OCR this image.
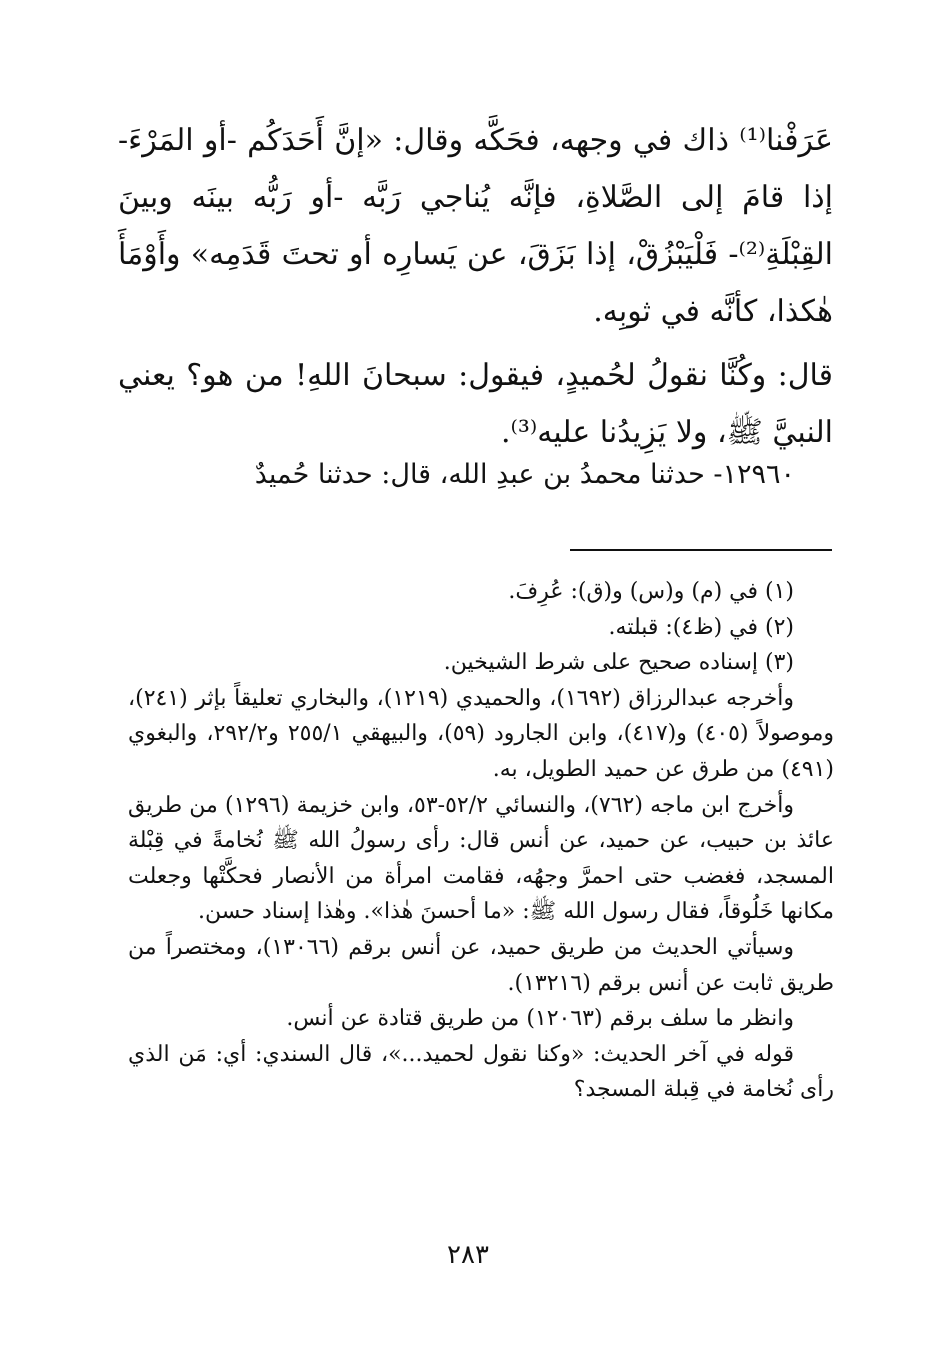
عَرَفْنا⁽¹⁾ ذاك في وجهه، فحَكَّه وقال: «إنَّ أَحَدَكُم -أو المَرْءَ- إذا قامَ إلى الصَّلاةِ، فإنَّه يُناجي رَبَّه -أو رَبُّه بينَه وبينَ القِبْلَةِ⁽²⁾- فَلْيَبْزُقْ، إذا بَزَقَ، عن يَسارِه أو تحتَ قَدَمِه» وأَوْمَأَ هٰكذا، كأنَّه في ثوبِه.

قال: وكُنَّا نقولُ لحُميدٍ، فيقول: سبحانَ اللهِ! من هو؟ يعني النبيَّ ﷺ، ولا يَزِيدُنا عليه⁽³⁾.

١٢٩٦٠- حدثنا محمدُ بن عبدِ الله، قال: حدثنا حُميدٌ

(١) في (م) و(س) و(ق): عُرِفَ.

(٢) في (ظ٤): قبلته.

(٣) إسناده صحيح على شرط الشيخين.

وأخرجه عبدالرزاق (١٦٩٢)، والحميدي (١٢١٩)، والبخاري تعليقاً بإثر (٢٤١)، وموصولاً (٤٠٥) و(٤١٧)، وابن الجارود (٥٩)، والبيهقي ٢٥٥/١ و٢٩٢/٢، والبغوي (٤٩١) من طرق عن حميد الطويل، به.

وأخرج ابن ماجه (٧٦٢)، والنسائي ٥٢/٢-٥٣، وابن خزيمة (١٢٩٦) من طريق عائذ بن حبيب، عن حميد، عن أنس قال: رأى رسولُ الله ﷺ نُخامةً في قِبْلة المسجد، فغضب حتى احمرَّ وجهُه، فقامت امرأة من الأنصار فحكَّتْها وجعلت مكانها خَلُوقاً، فقال رسول الله ﷺ: «ما أحسنَ هٰذا». وهٰذا إسناد حسن.

وسيأتي الحديث من طريق حميد، عن أنس برقم (١٣٠٦٦)، ومختصراً من طريق ثابت عن أنس برقم (١٣٢١٦).

وانظر ما سلف برقم (١٢٠٦٣) من طريق قتادة عن أنس.

قوله في آخر الحديث: «وكنا نقول لحميد...»، قال السندي: أي: مَن الذي رأى نُخامة في قِبلة المسجد؟

٢٨٣
